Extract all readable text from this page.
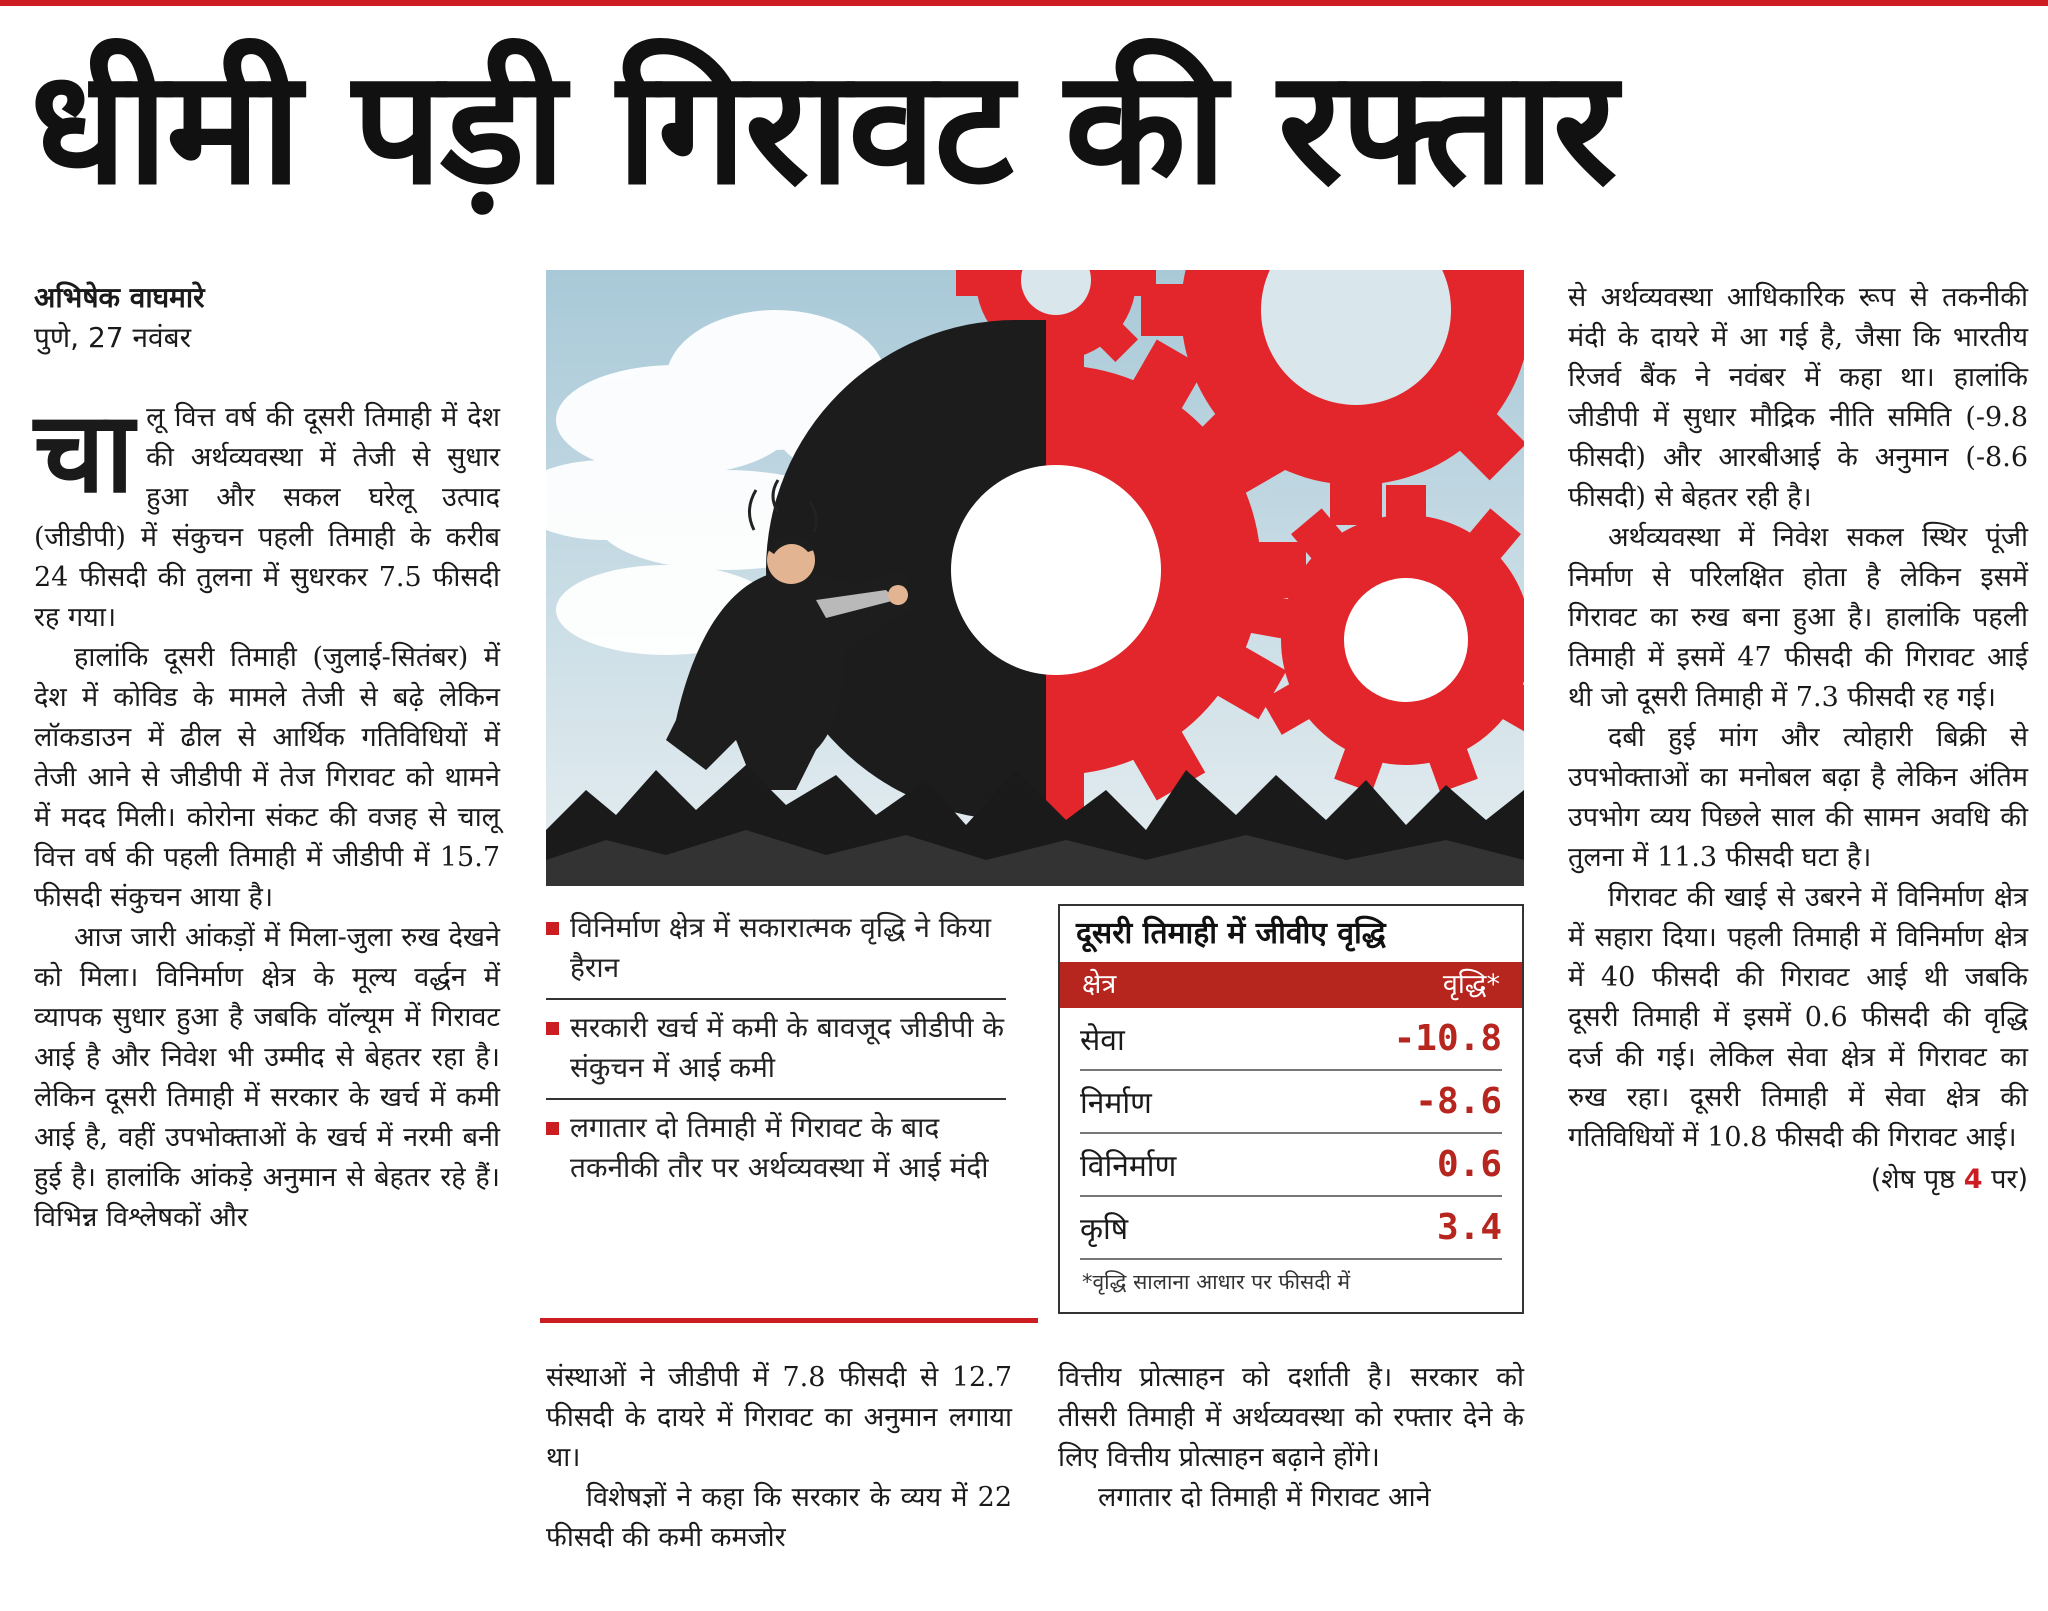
धीमी पड़ी गिरावट की रफ्तार
अभिषेक वाघमारे
पुणे, 27 नवंबर

चालू वित्त वर्ष की दूसरी तिमाही में देश की अर्थव्यवस्था में तेजी से सुधार हुआ और सकल घरेलू उत्पाद (जीडीपी) में संकुचन पहली तिमाही के करीब 24 फीसदी की तुलना में सुधरकर 7.5 फीसदी रह गया।

हालांकि दूसरी तिमाही (जुलाई-सितंबर) में देश में कोविड के मामले तेजी से बढ़े लेकिन लॉकडाउन में ढील से आर्थिक गतिविधियों में तेजी आने से जीडीपी में तेज गिरावट को थामने में मदद मिली। कोरोना संकट की वजह से चालू वित्त वर्ष की पहली तिमाही में जीडीपी में 15.7 फीसदी संकुचन आया है।

आज जारी आंकड़ों में मिला-जुला रुख देखने को मिला। विनिर्माण क्षेत्र के मूल्य वर्द्धन में व्यापक सुधार हुआ है जबकि वॉल्यूम में गिरावट आई है और निवेश भी उम्मीद से बेहतर रहा है। लेकिन दूसरी तिमाही में सरकार के खर्च में कमी आई है, वहीं उपभोक्ताओं के खर्च में नरमी बनी हुई है। हालांकि आंकड़े अनुमान से बेहतर रहे हैं। विभिन्न विश्लेषकों और

विनिर्माण क्षेत्र में सकारात्मक वृद्धि ने किया हैरान
सरकारी खर्च में कमी के बावजूद जीडीपी के संकुचन में आई कमी
लगातार दो तिमाही में गिरावट के बाद तकनीकी तौर पर अर्थव्यवस्था में आई मंदी
दूसरी तिमाही में जीवीए वृद्धि
क्षेत्र	वृद्धि*
सेवा	-10.8
निर्माण	-8.6
विनिर्माण	0.6
कृषि	3.4
*वृद्धि सालाना आधार पर फीसदी में

संस्थाओं ने जीडीपी में 7.8 फीसदी से 12.7 फीसदी के दायरे में गिरावट का अनुमान लगाया था।

विशेषज्ञों ने कहा कि सरकार के व्यय में 22 फीसदी की कमी कमजोर

वित्तीय प्रोत्साहन को दर्शाती है। सरकार को तीसरी तिमाही में अर्थव्यवस्था को रफ्तार देने के लिए वित्तीय प्रोत्साहन बढ़ाने होंगे।

लगातार दो तिमाही में गिरावट आने

से अर्थव्यवस्था आधिकारिक रूप से तकनीकी मंदी के दायरे में आ गई है, जैसा कि भारतीय रिजर्व बैंक ने नवंबर में कहा था। हालांकि जीडीपी में सुधार मौद्रिक नीति समिति (-9.8 फीसदी) और आरबीआई के अनुमान (-8.6 फीसदी) से बेहतर रही है।

अर्थव्यवस्था में निवेश सकल स्थिर पूंजी निर्माण से परिलक्षित होता है लेकिन इसमें गिरावट का रुख बना हुआ है। हालांकि पहली तिमाही में इसमें 47 फीसदी की गिरावट आई थी जो दूसरी तिमाही में 7.3 फीसदी रह गई।

दबी हुई मांग और त्योहारी बिक्री से उपभोक्ताओं का मनोबल बढ़ा है लेकिन अंतिम उपभोग व्यय पिछले साल की सामन अवधि की तुलना में 11.3 फीसदी घटा है।

गिरावट की खाई से उबरने में विनिर्माण क्षेत्र में सहारा दिया। पहली तिमाही में विनिर्माण क्षेत्र में 40 फीसदी की गिरावट आई थी जबकि दूसरी तिमाही में इसमें 0.6 फीसदी की वृद्धि दर्ज की गई। लेकिल सेवा क्षेत्र में गिरावट का रुख रहा। दूसरी तिमाही में सेवा क्षेत्र की गतिविधियों में 10.8 फीसदी की गिरावट आई।

(शेष पृष्ठ 4 पर)
